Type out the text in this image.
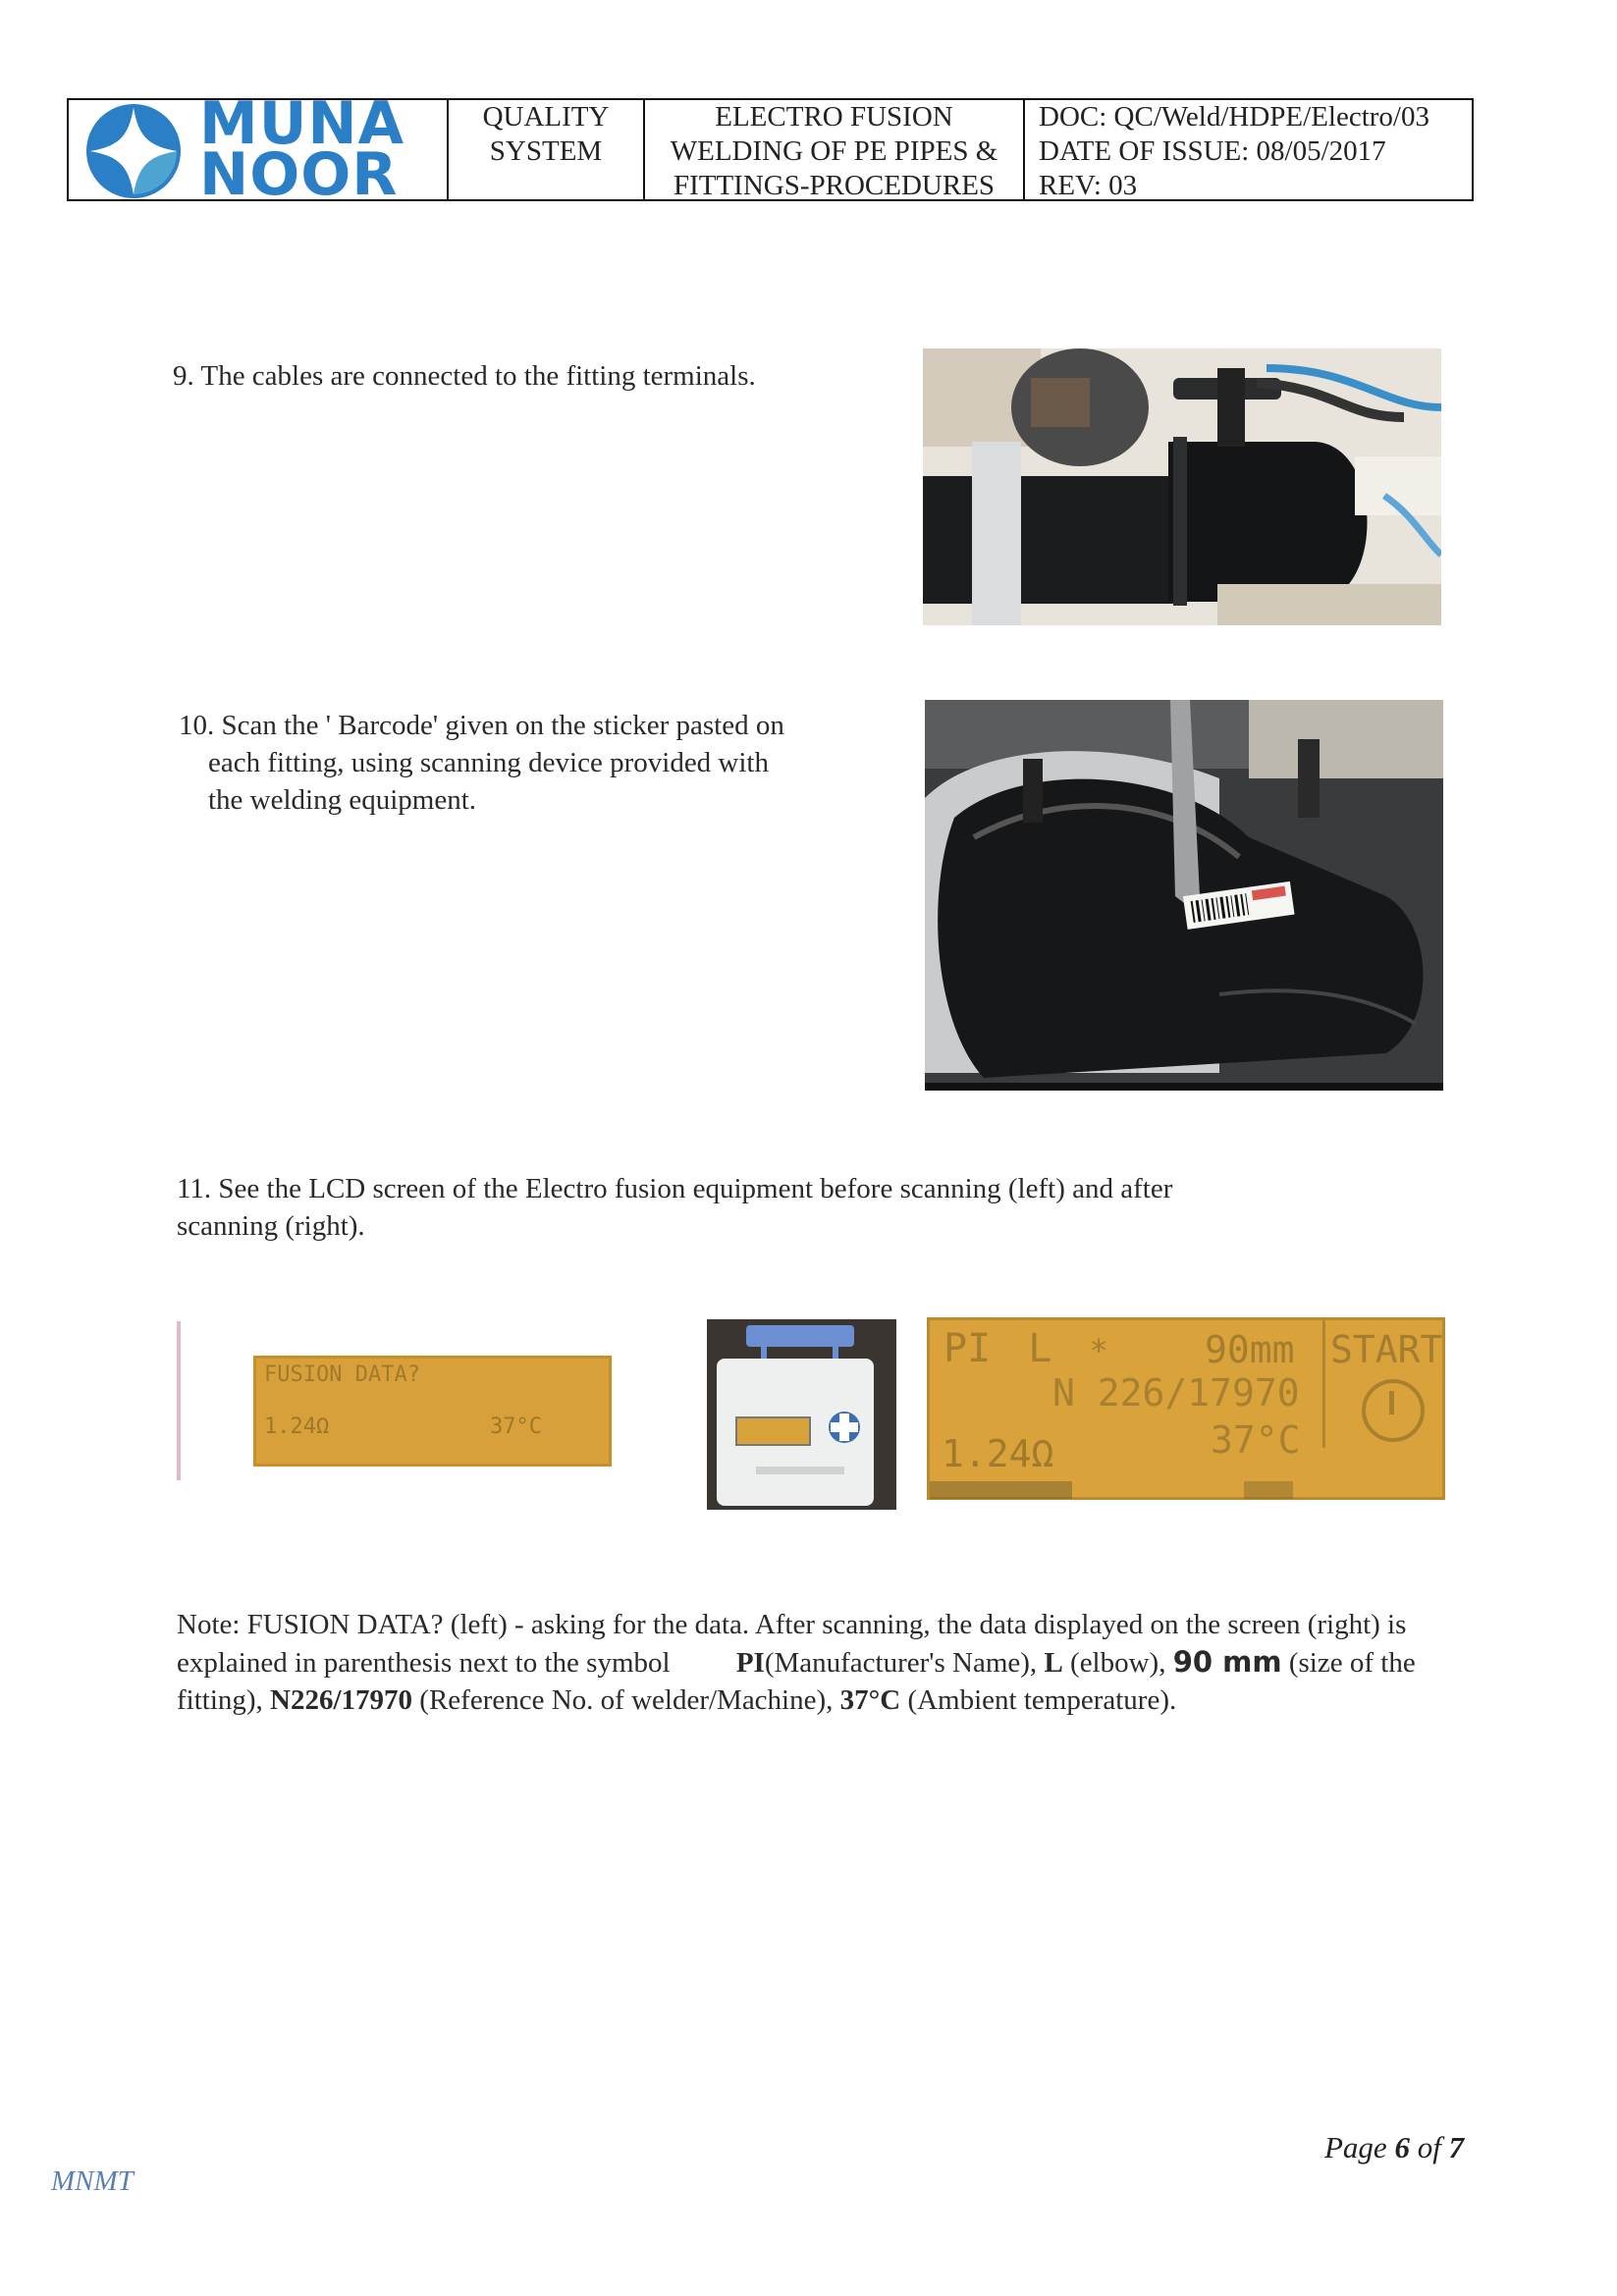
MUNA
NOOR
QUALITY
SYSTEM
ELECTRO FUSION
WELDING OF PE PIPES &
FITTINGS-PROCEDURES
DOC: QC/Weld/HDPE/Electro/03
DATE OF ISSUE: 08/05/2017
REV: 03
9. The cables are connected to the fitting terminals.
10. Scan the ' Barcode' given on the sticker pasted on
each fitting, using scanning device provided with
the welding equipment.
11. See the LCD screen of the Electro fusion equipment before scanning (left) and after
scanning (right).
FUSION DATA?
1.24Ω	37°C
PI L *	90mm START
N 226/17970
1.24Ω	37°C
Note: FUSION DATA? (left) - asking for the data. After scanning, the data displayed on the screen (right) is explained in parenthesis next to the symbol PI(Manufacturer's Name), L (elbow), 90 mm (size of the fitting), N226/17970 (Reference No. of welder/Machine), 37°C (Ambient temperature).
Page 6 of 7
MNMT
